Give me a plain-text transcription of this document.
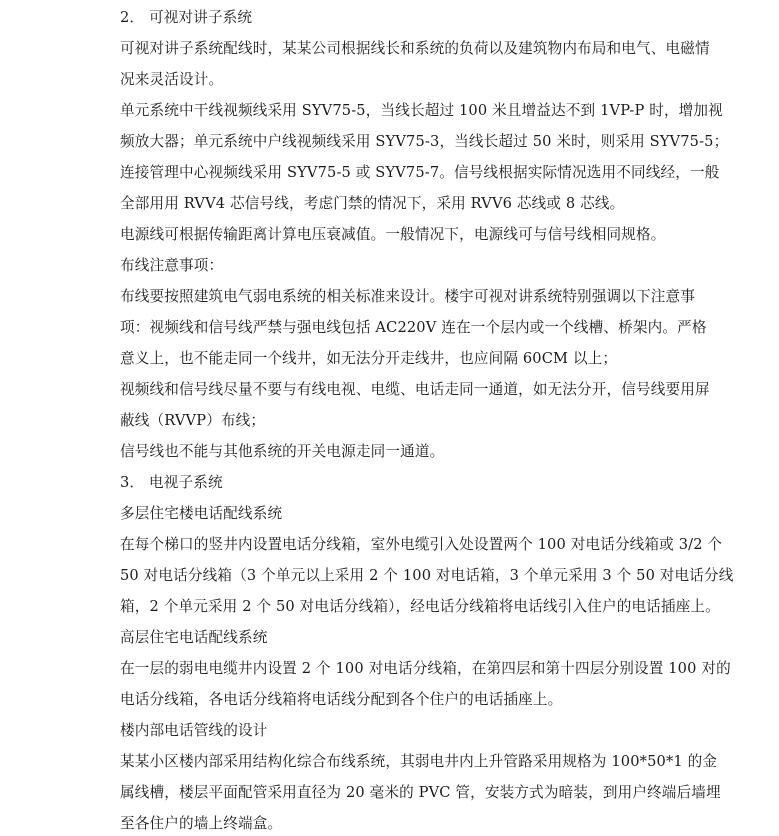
2． 可视对讲子系统
可视对讲子系统配线时，某某公司根据线长和系统的负荷以及建筑物内布局和电气、电磁情
况来灵活设计。
单元系统中干线视频线采用 SYV75-5，当线长超过 100 米且增益达不到 1VP-P 时，增加视
频放大器；单元系统中户线视频线采用 SYV75-3，当线长超过 50 米时，则采用 SYV75-5；
连接管理中心视频线采用 SYV75-5 或 SYV75-7。信号线根据实际情况选用不同线经，一般
全部用用 RVV4 芯信号线，考虑门禁的情况下，采用 RVV6 芯线或 8 芯线。
电源线可根据传输距离计算电压衰减值。一般情况下，电源线可与信号线相同规格。
布线注意事项：
布线要按照建筑电气弱电系统的相关标准来设计。楼宇可视对讲系统特别强调以下注意事
项：视频线和信号线严禁与强电线包括 AC220V 连在一个层内或一个线槽、桥架内。严格
意义上，也不能走同一个线井，如无法分开走线井，也应间隔 60CM 以上；
视频线和信号线尽量不要与有线电视、电缆、电话走同一通道，如无法分开，信号线要用屏
蔽线（RVVP）布线；
信号线也不能与其他系统的开关电源走同一通道。
3． 电视子系统
多层住宅楼电话配线系统
在每个梯口的竖井内设置电话分线箱，室外电缆引入处设置两个 100 对电话分线箱或 3/2 个
50 对电话分线箱（3 个单元以上采用 2 个 100 对电话箱，3 个单元采用 3 个 50 对电话分线
箱，2 个单元采用 2 个 50 对电话分线箱），经电话分线箱将电话线引入住户的电话插座上。
高层住宅电话配线系统
在一层的弱电电缆井内设置 2 个 100 对电话分线箱，在第四层和第十四层分别设置 100 对的
电话分线箱，各电话分线箱将电话线分配到各个住户的电话插座上。
楼内部电话管线的设计
某某小区楼内部采用结构化综合布线系统，其弱电井内上升管路采用规格为 100*50*1 的金
属线槽，楼层平面配管采用直径为 20 毫米的 PVC 管，安装方式为暗装，到用户终端后墙埋
至各住户的墙上终端盒。
